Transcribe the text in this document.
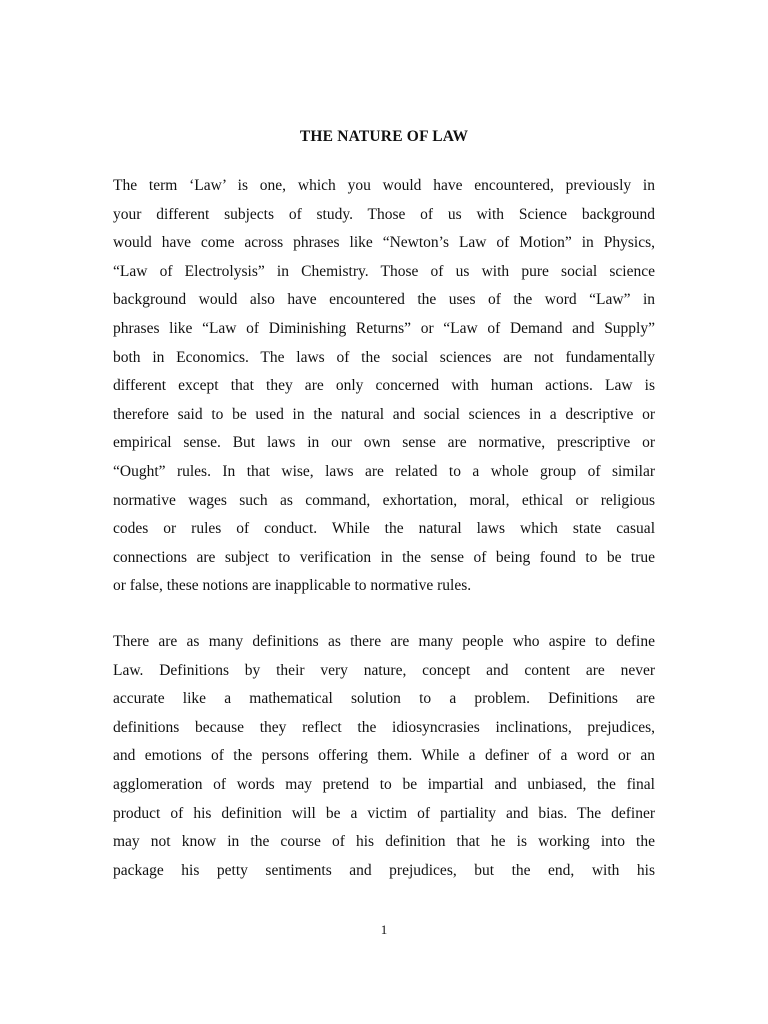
THE NATURE OF LAW
The term ‘Law’ is one, which you would have encountered, previously in
your different subjects of study. Those of us with Science background
would have come across phrases like “Newton’s Law of Motion” in Physics,
“Law of Electrolysis” in Chemistry. Those of us with pure social science
background would also have encountered the uses of the word “Law” in
phrases like “Law of Diminishing Returns” or “Law of Demand and Supply”
both in Economics. The laws of the social sciences are not fundamentally
different except that they are only concerned with human actions. Law is
therefore said to be used in the natural and social sciences in a descriptive or
empirical sense. But laws in our own sense are normative, prescriptive or
“Ought” rules. In that wise, laws are related to a whole group of similar
normative wages such as command, exhortation, moral, ethical or religious
codes or rules of conduct. While the natural laws which state casual
connections are subject to verification in the sense of being found to be true
or false, these notions are inapplicable to normative rules.
There are as many definitions as there are many people who aspire to define
Law. Definitions by their very nature, concept and content are never
accurate like a mathematical solution to a problem. Definitions are
definitions because they reflect the idiosyncrasies inclinations, prejudices,
and emotions of the persons offering them. While a definer of a word or an
agglomeration of words may pretend to be impartial and unbiased, the final
product of his definition will be a victim of partiality and bias. The definer
may not know in the course of his definition that he is working into the
package his petty sentiments and prejudices, but the end, with his
1
